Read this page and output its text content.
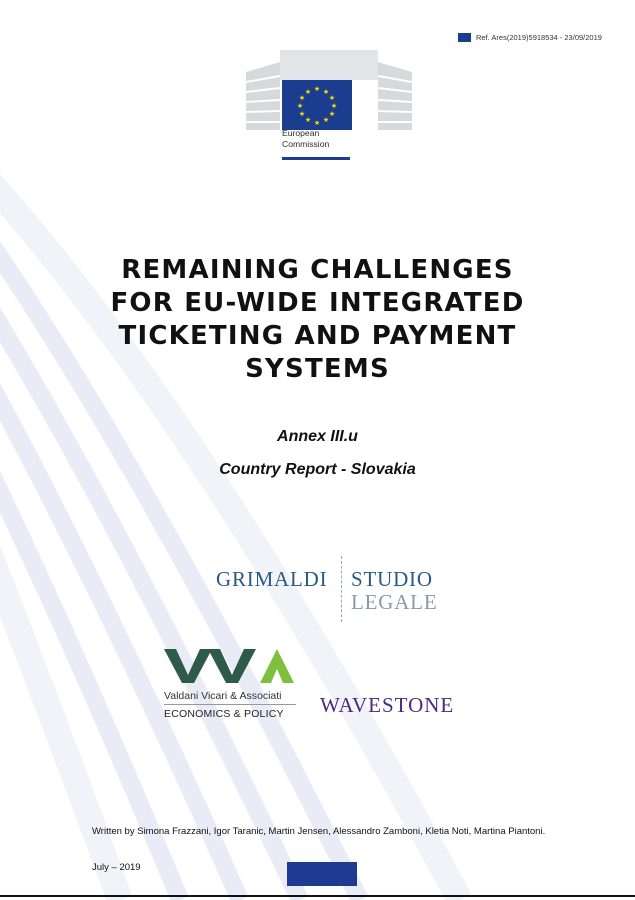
Ref. Ares(2019)5918534 - 23/09/2019
★ ★
★
★
★
★
★
★
★
★
★
★
European
Commission
REMAINING CHALLENGES
FOR EU-WIDE INTEGRATED
TICKETING AND PAYMENT
SYSTEMS
Annex III.u
Country Report - Slovakia
GRIMALDI STUDIO
LEGALE
Valdani Vicari & Associati
ECONOMICS & POLICY WAVESTONE
Written by Simona Frazzani, Igor Taranic, Martin Jensen, Alessandro Zamboni, Kletia Noti, Martina Piantoni.
July – 2019
